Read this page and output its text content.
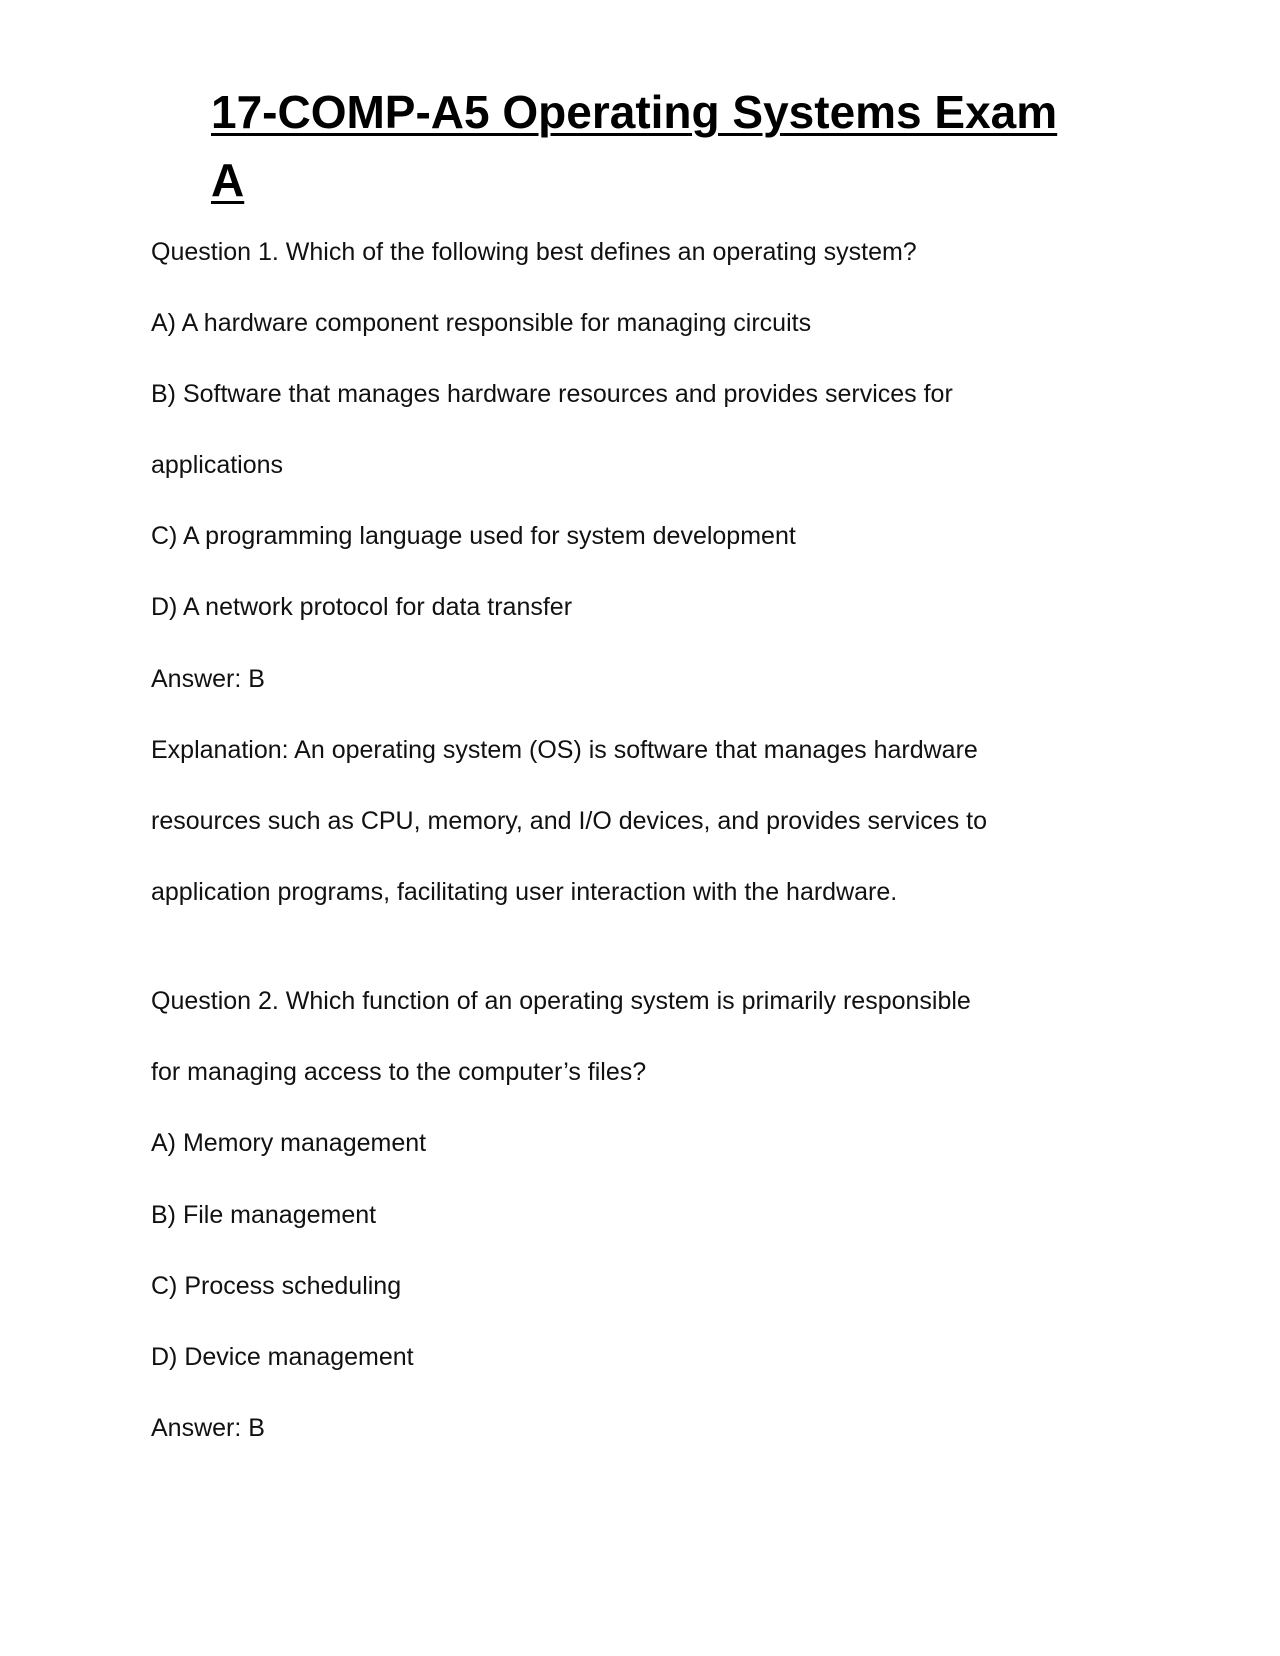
17-COMP-A5 Operating Systems Exam A

Question 1. Which of the following best defines an operating system?

A) A hardware component responsible for managing circuits

B) Software that manages hardware resources and provides services for

applications

C) A programming language used for system development

D) A network protocol for data transfer

Answer: B

Explanation: An operating system (OS) is software that manages hardware

resources such as CPU, memory, and I/O devices, and provides services to

application programs, facilitating user interaction with the hardware.

Question 2. Which function of an operating system is primarily responsible

for managing access to the computer’s files?

A) Memory management

B) File management

C) Process scheduling

D) Device management

Answer: B
